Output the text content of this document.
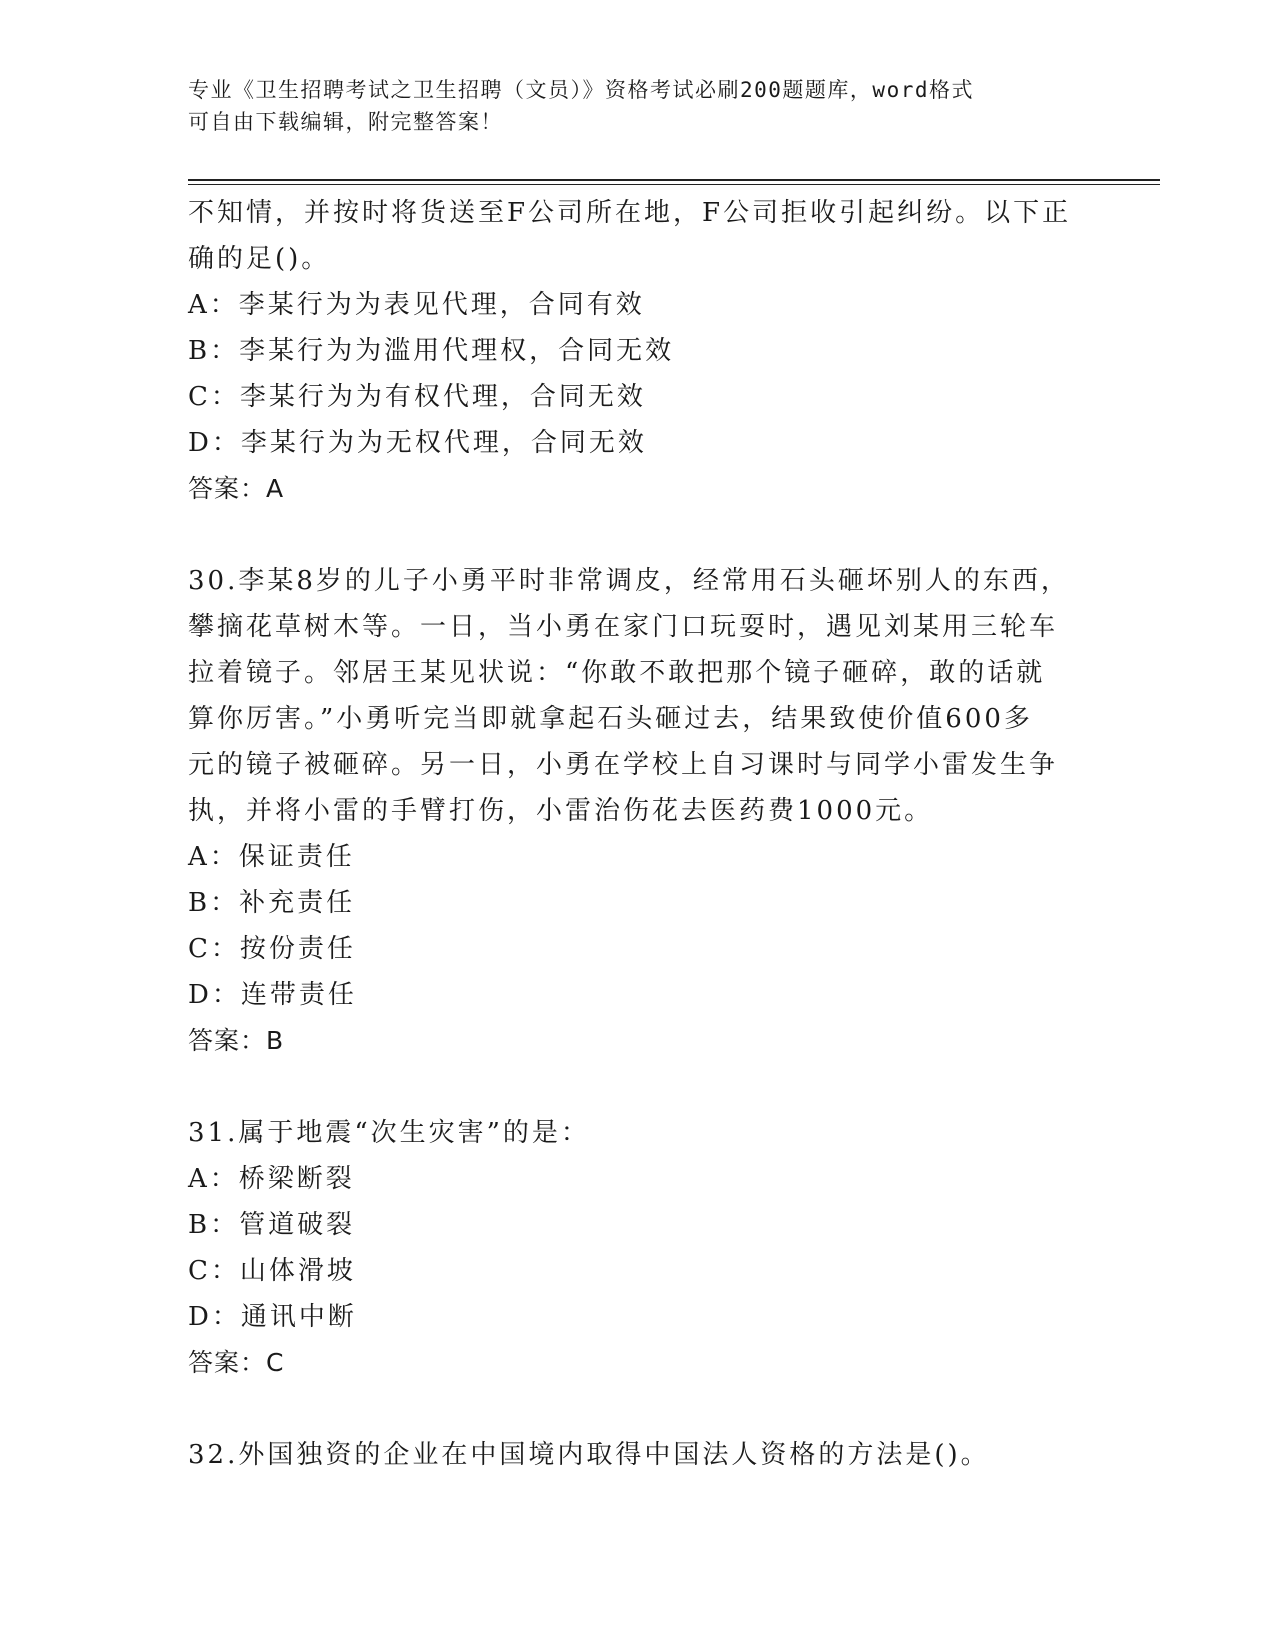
专业《卫生招聘考试之卫生招聘（文员）》资格考试必刷200题题库，word格式
可自由下载编辑，附完整答案！
不知情，并按时将货送至F公司所在地，F公司拒收引起纠纷。以下正
确的足()。
A：李某行为为表见代理，合同有效
B：李某行为为滥用代理权，合同无效
C：李某行为为有权代理，合同无效
D：李某行为为无权代理，合同无效
答案：A
30.李某8岁的儿子小勇平时非常调皮，经常用石头砸坏别人的东西，
攀摘花草树木等。一日，当小勇在家门口玩耍时，遇见刘某用三轮车
拉着镜子。邻居王某见状说：“你敢不敢把那个镜子砸碎，敢的话就
算你厉害。”小勇听完当即就拿起石头砸过去，结果致使价值600多
元的镜子被砸碎。另一日，小勇在学校上自习课时与同学小雷发生争
执，并将小雷的手臂打伤，小雷治伤花去医药费1000元。
A：保证责任
B：补充责任
C：按份责任
D：连带责任
答案：B
31.属于地震“次生灾害”的是：
A：桥梁断裂
B：管道破裂
C：山体滑坡
D：通讯中断
答案：C
32.外国独资的企业在中国境内取得中国法人资格的方法是()。
